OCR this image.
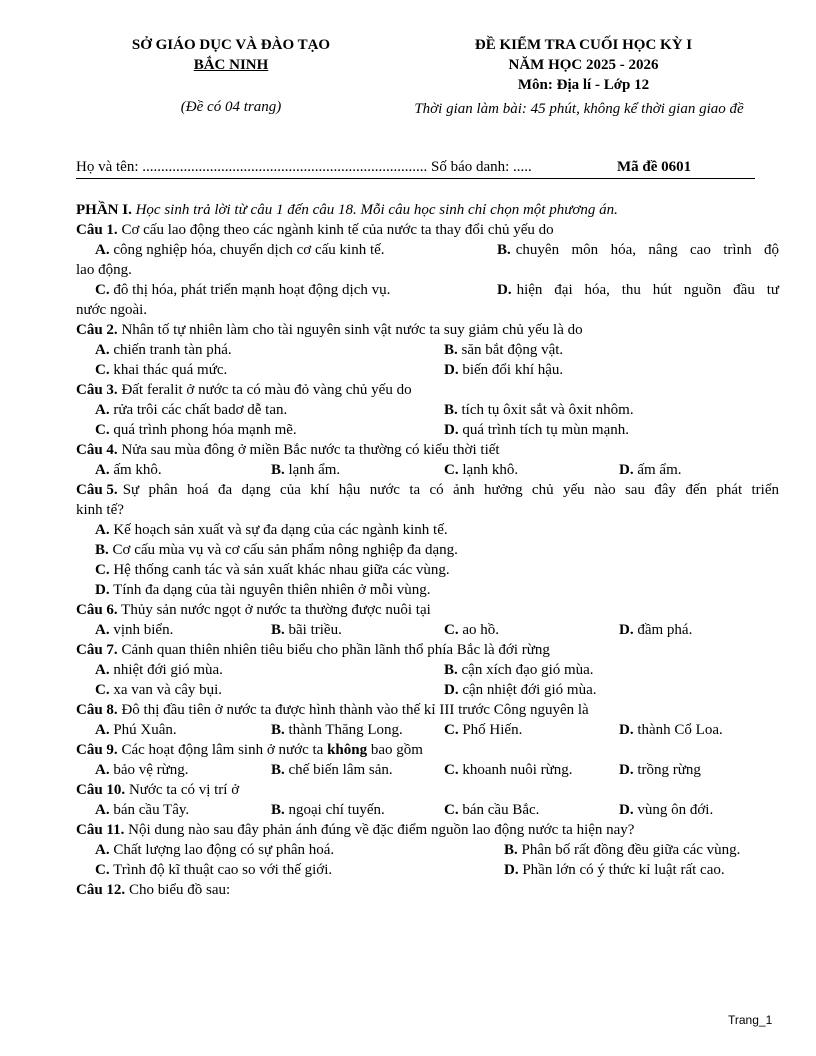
SỞ GIÁO DỤC VÀ ĐÀO TẠO
BẮC NINH
(Đề có 04 trang)
ĐỀ KIỂM TRA CUỐI HỌC KỲ I
NĂM HỌC 2025 - 2026
Môn: Địa lí - Lớp 12
Thời gian làm bài: 45 phút, không kể thời gian giao đề
Họ và tên: ............................................................................ Số báo danh: .....	Mã đề 0601
PHẦN I. Học sinh trả lời từ câu 1 đến câu 18. Mỗi câu học sinh chỉ chọn một phương án.
Câu 1. Cơ cấu lao động theo các ngành kinh tế của nước ta thay đổi chủ yếu do
A. công nghiệp hóa, chuyển dịch cơ cấu kinh tế.	B. chuyên môn hóa, nâng cao trình độ
lao động.
C. đô thị hóa, phát triển mạnh hoạt động dịch vụ.	D. hiện đại hóa, thu hút nguồn đầu tư
nước ngoài.
Câu 2. Nhân tố tự nhiên làm cho tài nguyên sinh vật nước ta suy giảm chủ yếu là do
A. chiến tranh tàn phá.	B. săn bắt động vật.
C. khai thác quá mức.	D. biến đổi khí hậu.
Câu 3. Đất feralit ở nước ta có màu đỏ vàng chủ yếu do
A. rửa trôi các chất badơ dễ tan.	B. tích tụ ôxit sắt và ôxit nhôm.
C. quá trình phong hóa mạnh mẽ.	D. quá trình tích tụ mùn mạnh.
Câu 4. Nửa sau mùa đông ở miền Bắc nước ta thường có kiểu thời tiết
A. ấm khô.	B. lạnh ẩm.	C. lạnh khô.	D. ấm ẩm.
Câu 5. Sự phân hoá đa dạng của khí hậu nước ta có ảnh hưởng chủ yếu nào sau đây đến phát triển
kinh tế?
A. Kế hoạch sản xuất và sự đa dạng của các ngành kinh tế.
B. Cơ cấu mùa vụ và cơ cấu sản phẩm nông nghiệp đa dạng.
C. Hệ thống canh tác và sản xuất khác nhau giữa các vùng.
D. Tính đa dạng của tài nguyên thiên nhiên ở mỗi vùng.
Câu 6. Thủy sản nước ngọt ở nước ta thường được nuôi tại
A. vịnh biển.	B. bãi triều.	C. ao hồ.	D. đầm phá.
Câu 7. Cảnh quan thiên nhiên tiêu biểu cho phần lãnh thổ phía Bắc là đới rừng
A. nhiệt đới gió mùa.	B. cận xích đạo gió mùa.
C. xa van và cây bụi.	D. cận nhiệt đới gió mùa.
Câu 8. Đô thị đầu tiên ở nước ta được hình thành vào thế kỉ III trước Công nguyên là
A. Phú Xuân.	B. thành Thăng Long.	C. Phố Hiến.	D. thành Cổ Loa.
Câu 9. Các hoạt động lâm sinh ở nước ta không bao gồm
A. bảo vệ rừng.	B. chế biến lâm sản.	C. khoanh nuôi rừng.	D. trồng rừng
Câu 10. Nước ta có vị trí ở
A. bán cầu Tây.	B. ngoại chí tuyến.	C. bán cầu Bắc.	D. vùng ôn đới.
Câu 11. Nội dung nào sau đây phản ánh đúng về đặc điểm nguồn lao động nước ta hiện nay?
A. Chất lượng lao động có sự phân hoá.	B. Phân bố rất đồng đều giữa các vùng.
C. Trình độ kĩ thuật cao so với thế giới.	D. Phần lớn có ý thức kỉ luật rất cao.
Câu 12. Cho biểu đồ sau:
Trang_1
